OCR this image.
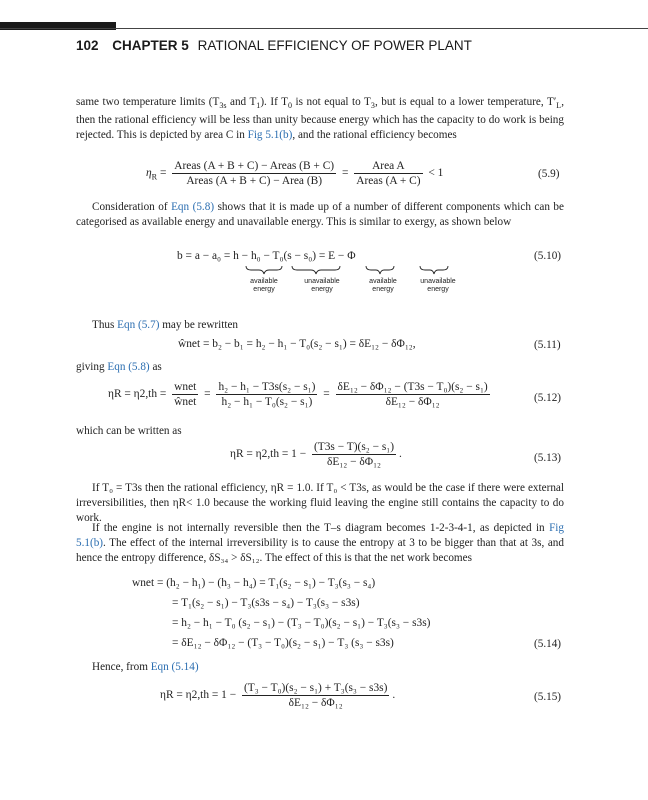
102 CHAPTER 5 RATIONAL EFFICIENCY OF POWER PLANT
same two temperature limits ($T_{3s}$ and $T_1$). If $T_0$ is not equal to $T_3$, but is equal to a lower temperature, $T'_L$, then the rational efficiency will be less than unity because energy which has the capacity to do work is being rejected. This is depicted by area C in Fig 5.1(b), and the rational efficiency becomes
$\eta_R = \frac{\text{Areas (A + B + C) − Areas (B + C)}}{\text{Areas (A + B + C) − Area (B)}} = \frac{\text{Area A}}{\text{Areas (A + C)}} < 1$	(5.9)
Consideration of Eqn (5.8) shows that it is made up of a number of different components which can be categorised as available energy and unavailable energy. This is similar to exergy, as shown below
b = a − a₀ = h − h₀ − T₀(s − s₀) = E − Φ	(5.10)
available energy
unavailable energy
available energy
unavailable energy
Thus Eqn (5.7) may be rewritten
ŵnet = b₂ − b₁ = h₂ − h₁ − T₀(s₂ − s₁) = δE₁₂ − δΦ₁₂,	(5.11)
giving Eqn (5.8) as
$\eta R = \eta 2,th = \frac{\text{wnet}}{\text{ŵnet}} = \frac{\text{h₂ − h₁ − T3s(s₂ − s₁)}}{\text{h₂ − h₁ − T₀(s₂ − s₁)}} = \frac{\text{δE₁₂ − δΦ₁₂ − (T3s − T₀)(s₂ − s₁)}}{\text{δE₁₂ − δΦ₁₂}}$	(5.12)
which can be written as
$\eta R = \eta 2,th = 1 - \frac{\text{(T3s − T)(s₂ − s₁)}}{\text{δE₁₂ − δΦ₁₂}}$ .	(5.13)
If T₀ = T3s then the rational efficiency, ηR = 1.0. If T₀ < T3s, as would be the case if there were external irreversibilities, then ηR< 1.0 because the working fluid leaving the engine still contains the capacity to do work.
If the engine is not internally reversible then the T–s diagram becomes 1-2-3-4-1, as depicted in Fig 5.1(b). The effect of the internal irreversibility is to cause the entropy at 3 to be bigger than that at 3s, and hence the entropy difference, δS₃₄ > δS₁₂. The effect of this is that the net work becomes
wnet = (h₂ − h₁) − (h₃ − h₄) = T₁(s₂ − s₁) − T₃(s₃ − s₄)
= T₁(s₂ − s₁) − T₃(s3s − s₄) − T₃(s₃ − s3s)
= h₂ − h₁ − T₀ (s₂ − s₁) − (T₃ − T₀)(s₂ − s₁) − T₃(s₃ − s3s)
= δE₁₂ − δΦ₁₂ − (T₃ − T₀)(s₂ − s₁) − T₃ (s₃ − s3s)	(5.14)
Hence, from Eqn (5.14)
$\eta R = \eta 2,th = 1 - \frac{\text{(T₃ − T₀)(s₂ − s₁) + T₃(s₃ − s3s)}}{\text{δE₁₂ − δΦ₁₂}}$ .	(5.15)
